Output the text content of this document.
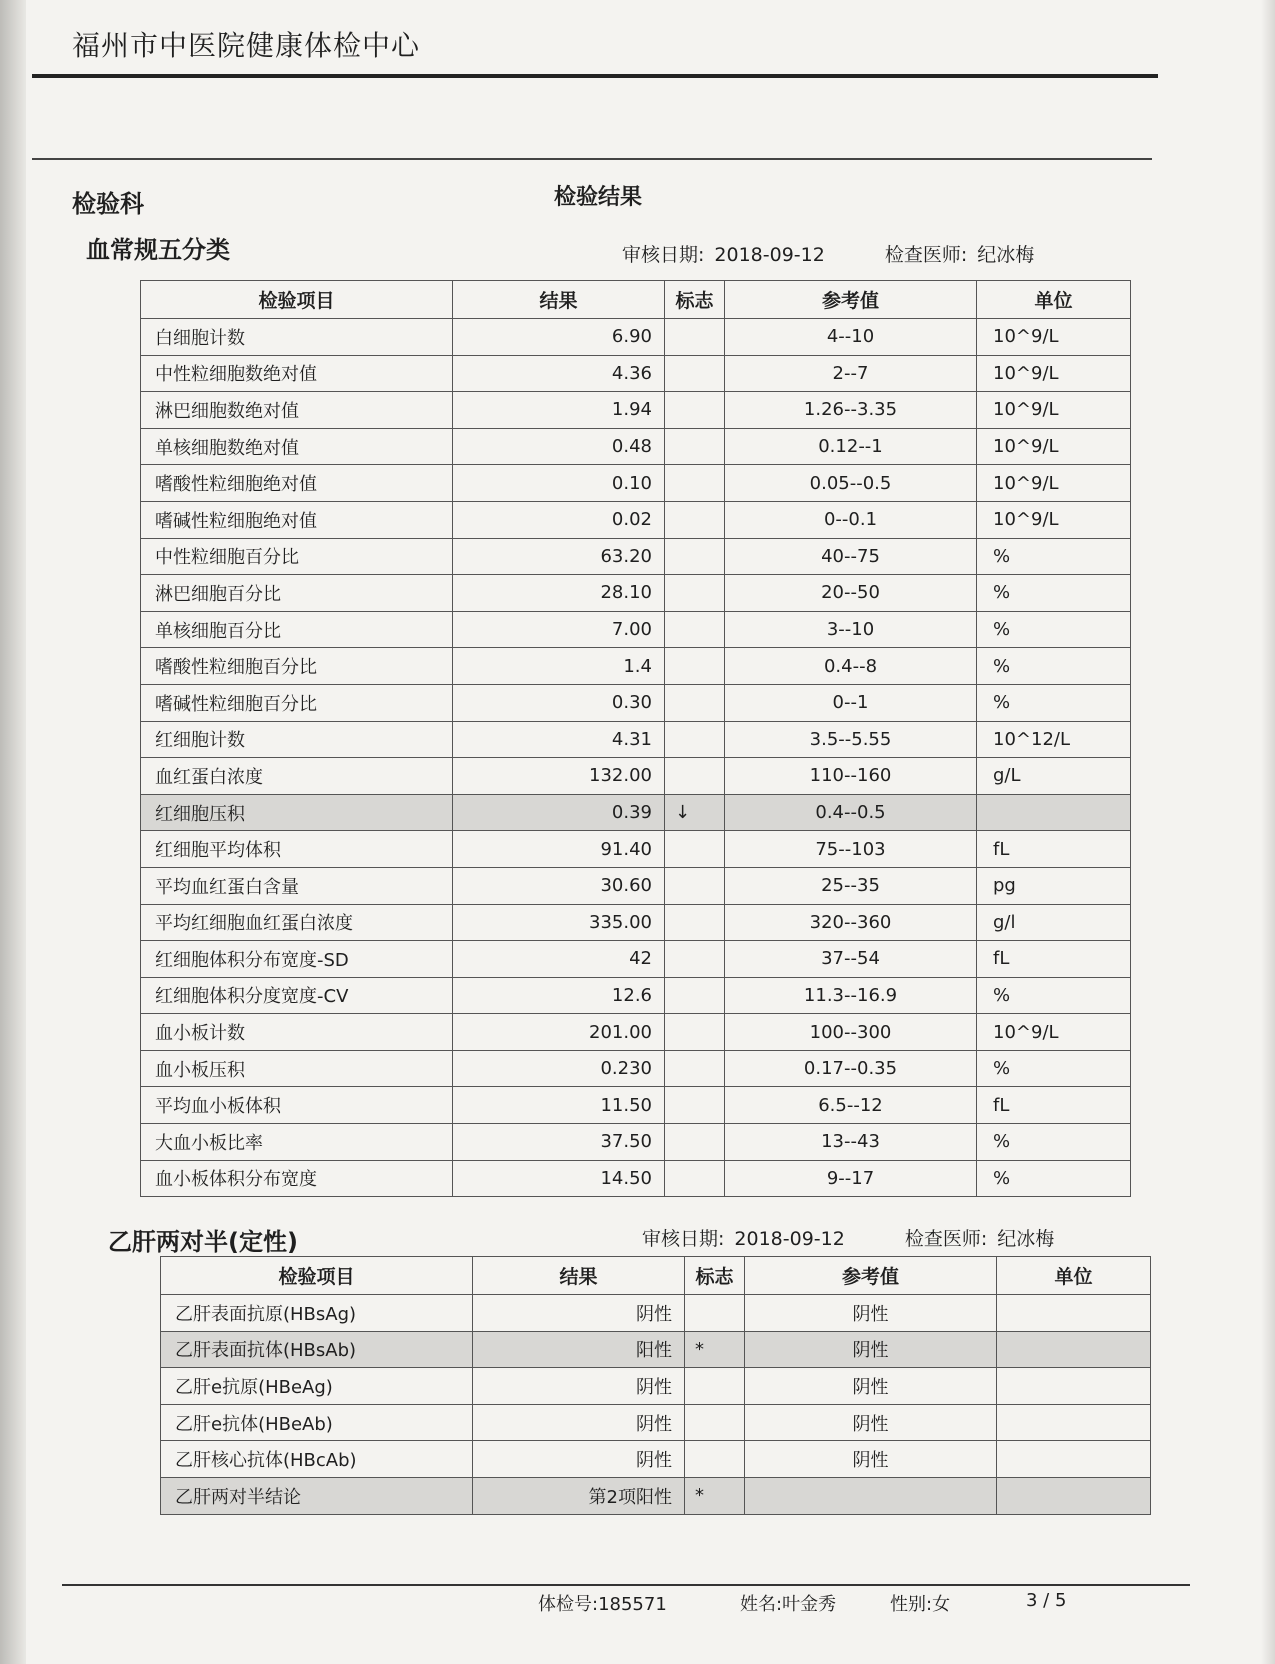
福州市中医院健康体检中心
检验科	检验结果
血常规五分类	审核日期: 2018-09-12	检查医师: 纪冰梅
检验项目	结果	标志	参考值	单位
白细胞计数	6.90		4--10	10^9/L
中性粒细胞数绝对值	4.36		2--7	10^9/L
淋巴细胞数绝对值	1.94		1.26--3.35	10^9/L
单核细胞数绝对值	0.48		0.12--1	10^9/L
嗜酸性粒细胞绝对值	0.10		0.05--0.5	10^9/L
嗜碱性粒细胞绝对值	0.02		0--0.1	10^9/L
中性粒细胞百分比	63.20		40--75	%
淋巴细胞百分比	28.10		20--50	%
单核细胞百分比	7.00		3--10	%
嗜酸性粒细胞百分比	1.4		0.4--8	%
嗜碱性粒细胞百分比	0.30		0--1	%
红细胞计数	4.31		3.5--5.55	10^12/L
血红蛋白浓度	132.00		110--160	g/L
红细胞压积	0.39	↓	0.4--0.5	
红细胞平均体积	91.40		75--103	fL
平均血红蛋白含量	30.60		25--35	pg
平均红细胞血红蛋白浓度	335.00		320--360	g/l
红细胞体积分布宽度-SD	42		37--54	fL
红细胞体积分度宽度-CV	12.6		11.3--16.9	%
血小板计数	201.00		100--300	10^9/L
血小板压积	0.230		0.17--0.35	%
平均血小板体积	11.50		6.5--12	fL
大血小板比率	37.50		13--43	%
血小板体积分布宽度	14.50		9--17	%
乙肝两对半(定性)	审核日期: 2018-09-12	检查医师: 纪冰梅
检验项目	结果	标志	参考值	单位
乙肝表面抗原(HBsAg)	阴性		阴性	
乙肝表面抗体(HBsAb)	阳性	*	阴性	
乙肝e抗原(HBeAg)	阴性		阴性	
乙肝e抗体(HBeAb)	阴性		阴性	
乙肝核心抗体(HBcAb)	阴性		阴性	
乙肝两对半结论	第2项阳性	*		
体检号:185571	姓名:叶金秀	性别:女	3 / 5
